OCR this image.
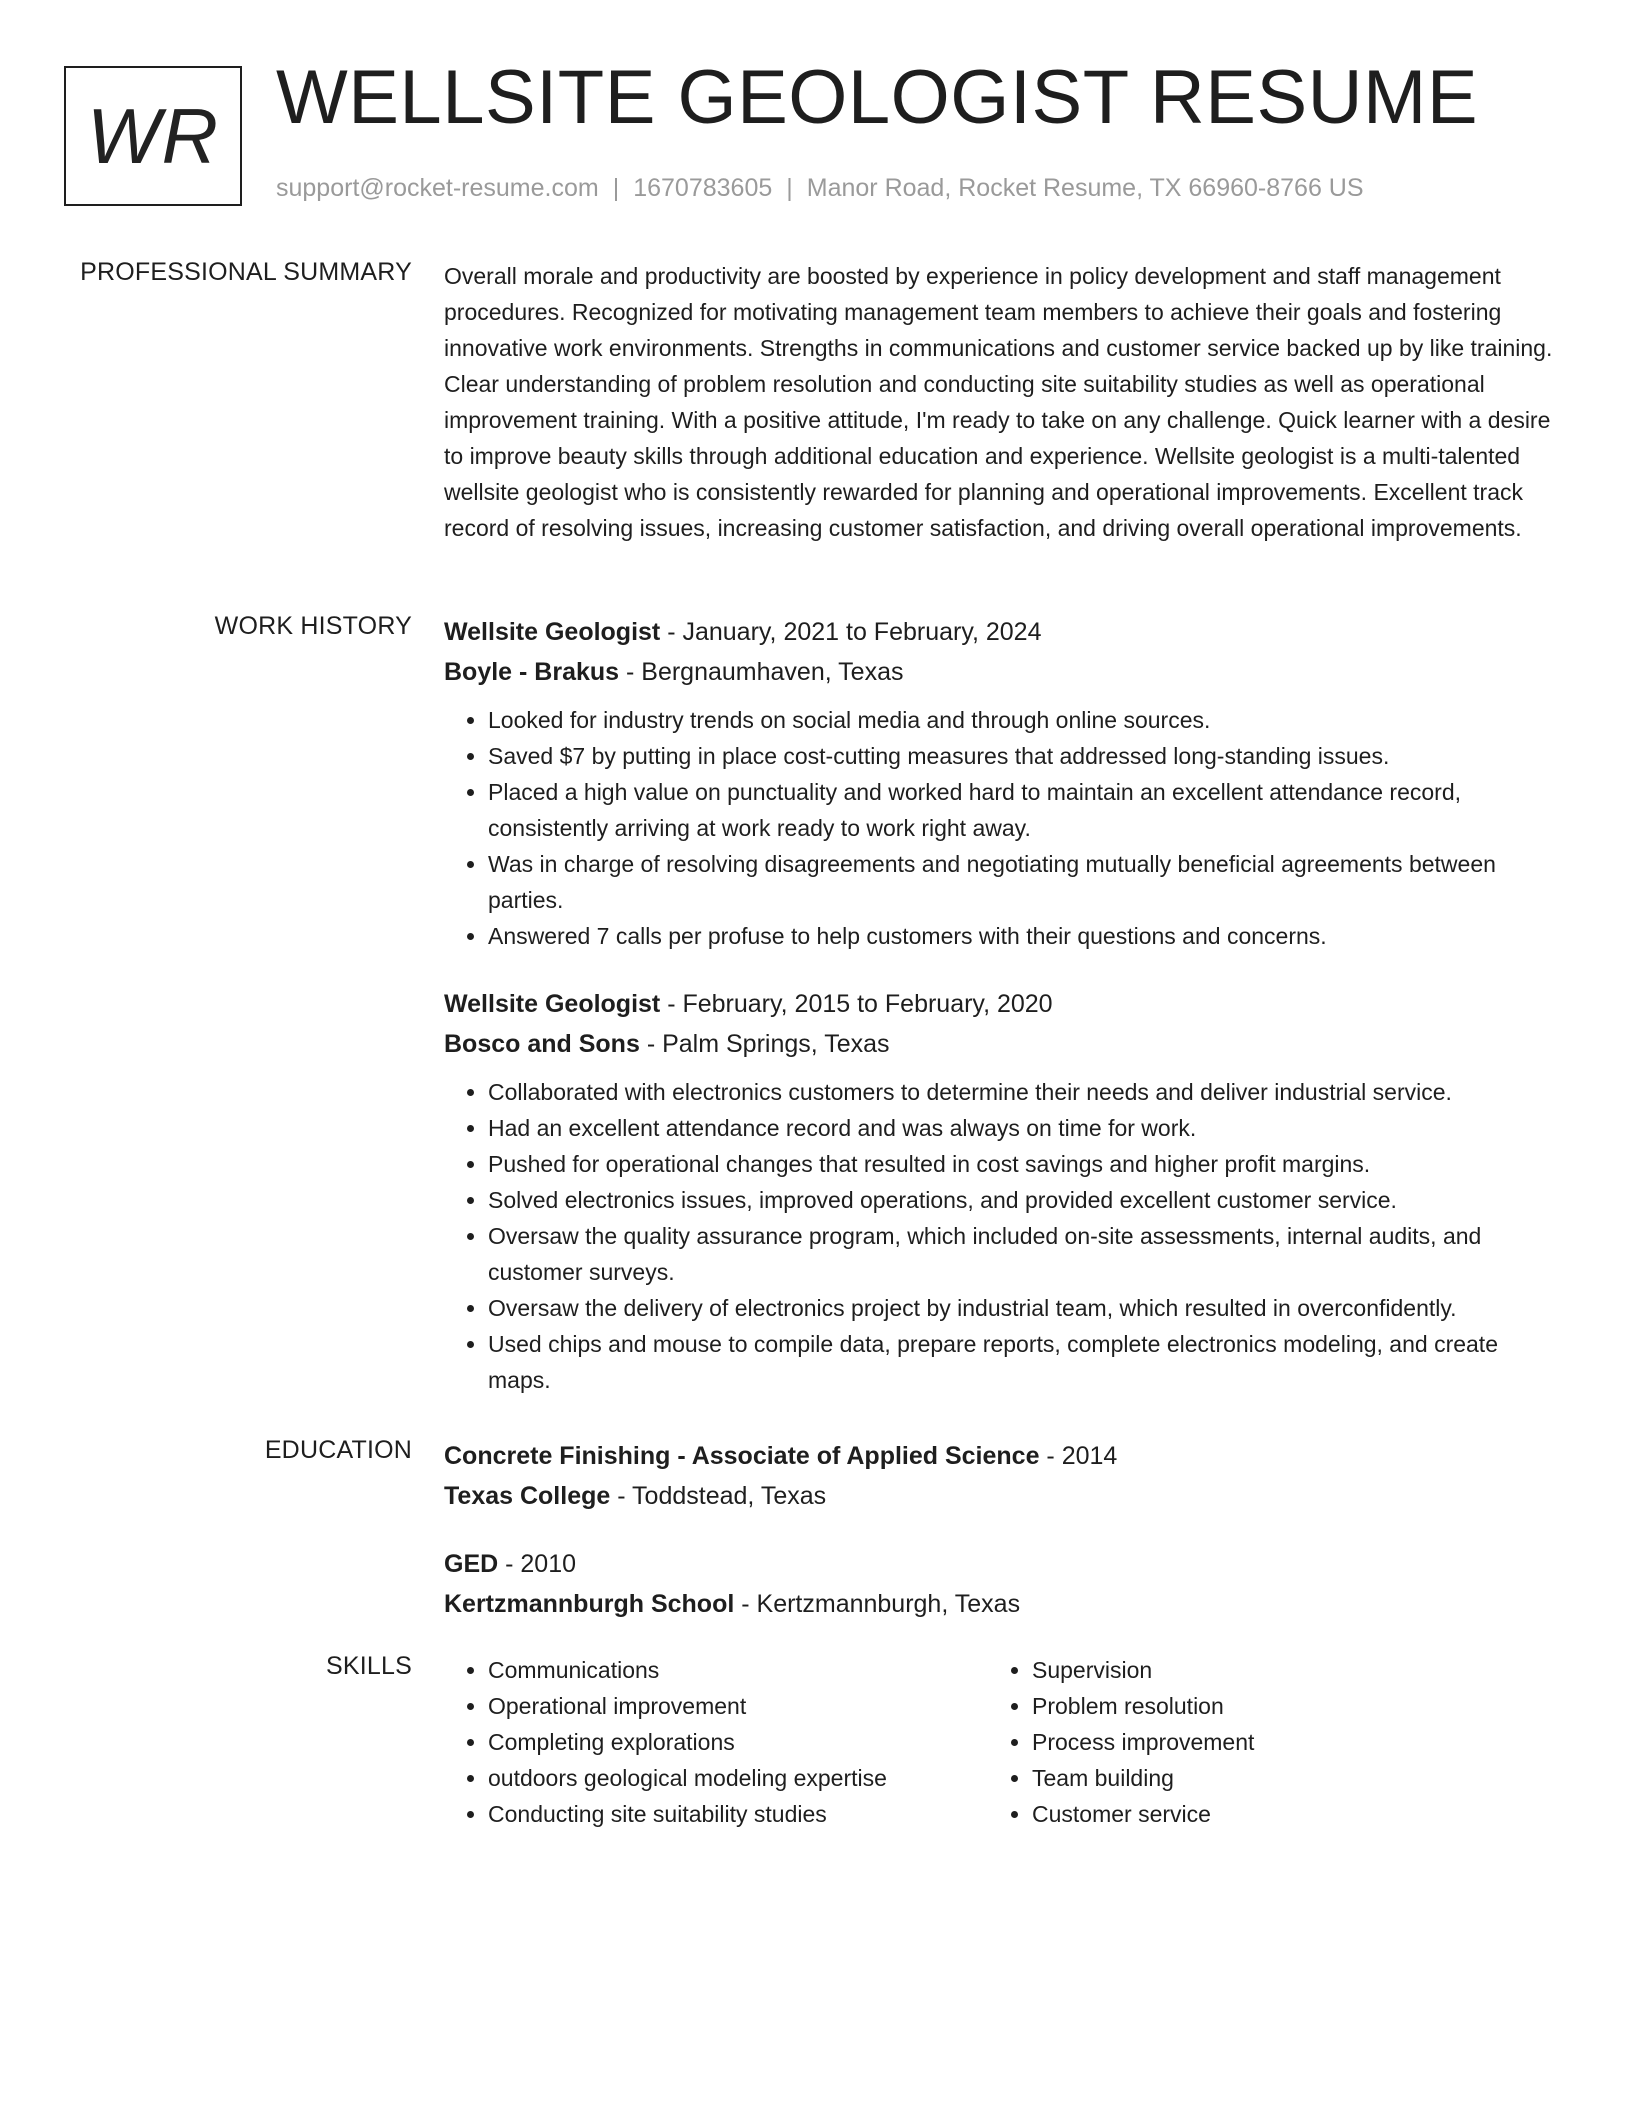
WR WELLSITE GEOLOGIST RESUME
support@rocket-resume.com | 1670783605 | Manor Road, Rocket Resume, TX 66960-8766 US
PROFESSIONAL SUMMARY Overall morale and productivity are boosted by experience in policy development and staff management procedures. Recognized for motivating management team members to achieve their goals and fostering innovative work environments. Strengths in communications and customer service backed up by like training. Clear understanding of problem resolution and conducting site suitability studies as well as operational improvement training. With a positive attitude, I'm ready to take on any challenge. Quick learner with a desire to improve beauty skills through additional education and experience. Wellsite geologist is a multi-talented wellsite geologist who is consistently rewarded for planning and operational improvements. Excellent track record of resolving issues, increasing customer satisfaction, and driving overall operational improvements.

WORK HISTORY Wellsite Geologist - January, 2021 to February, 2024
Boyle - Brakus - Bergnaumhaven, Texas
• Looked for industry trends on social media and through online sources.
• Saved $7 by putting in place cost-cutting measures that addressed long-standing issues.
• Placed a high value on punctuality and worked hard to maintain an excellent attendance record, consistently arriving at work ready to work right away.
• Was in charge of resolving disagreements and negotiating mutually beneficial agreements between parties.
• Answered 7 calls per profuse to help customers with their questions and concerns.
Wellsite Geologist - February, 2015 to February, 2020
Bosco and Sons - Palm Springs, Texas
• Collaborated with electronics customers to determine their needs and deliver industrial service.
• Had an excellent attendance record and was always on time for work.
• Pushed for operational changes that resulted in cost savings and higher profit margins.
• Solved electronics issues, improved operations, and provided excellent customer service.
• Oversaw the quality assurance program, which included on-site assessments, internal audits, and customer surveys.
• Oversaw the delivery of electronics project by industrial team, which resulted in overconfidently.
• Used chips and mouse to compile data, prepare reports, complete electronics modeling, and create maps.
EDUCATION Concrete Finishing - Associate of Applied Science - 2014
Texas College - Toddstead, Texas
GED - 2010
Kertzmannburgh School - Kertzmannburgh, Texas
SKILLS
•	Communications
• Operational improvement
• Completing explorations
• outdoors geological modeling expertise
• Conducting site suitability studies
• Supervision
• Problem resolution
• Process improvement
• Team building
• Customer service
